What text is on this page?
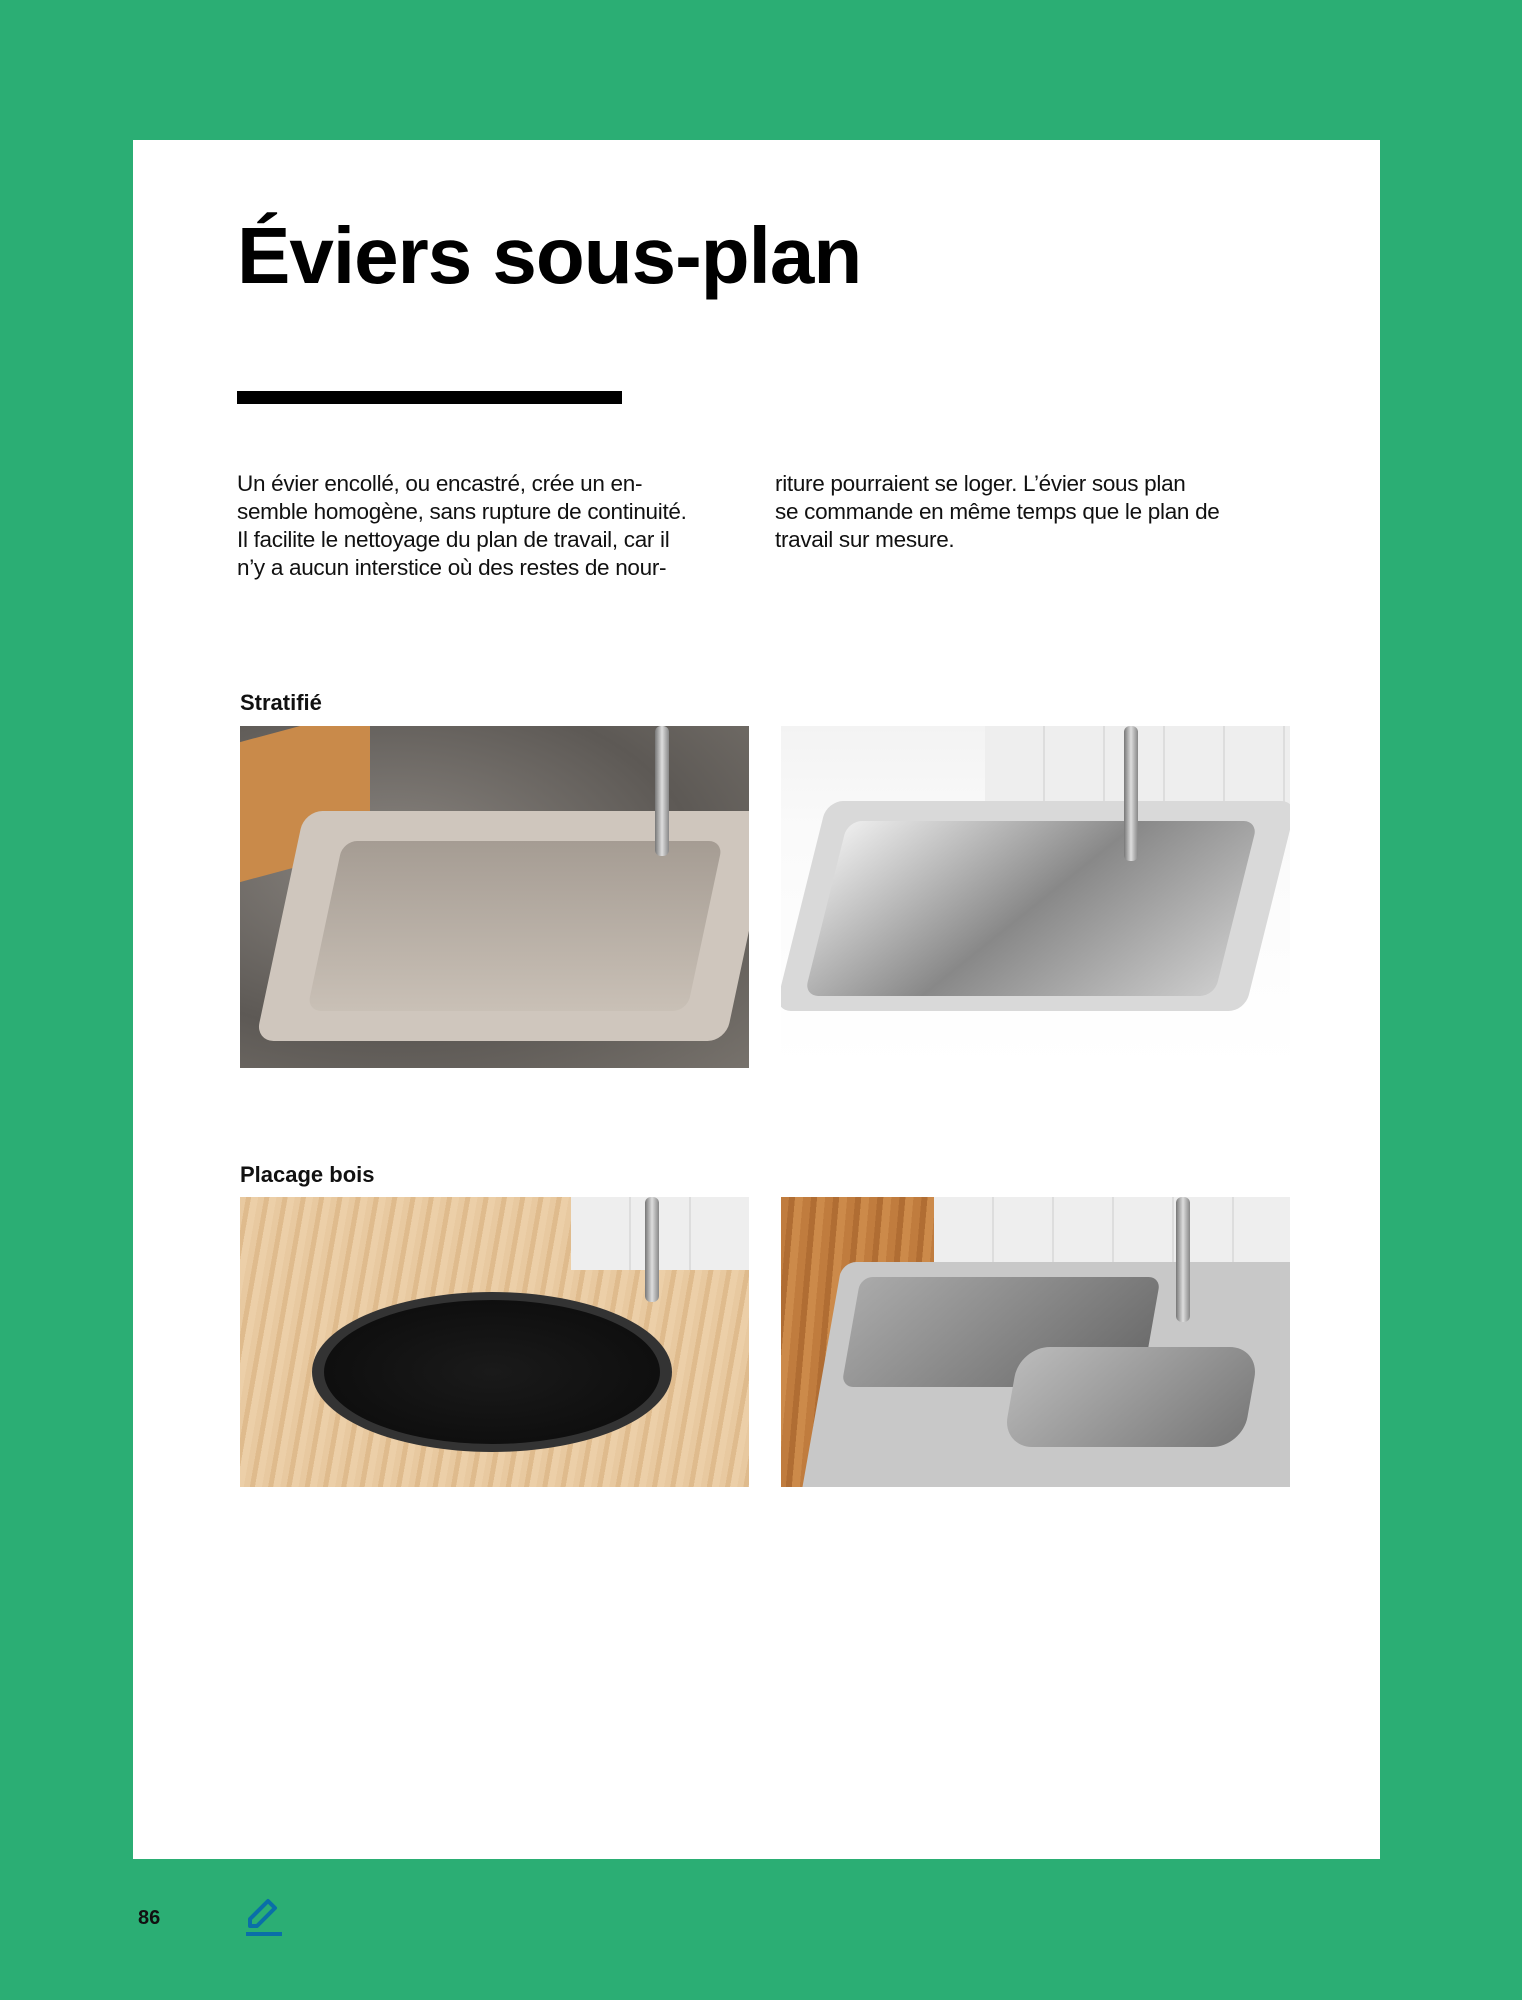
Éviers sous-plan
Un évier encollé, ou encastré, crée un en-
semble homogène, sans rupture de continuité.
Il facilite le nettoyage du plan de travail, car il
n’y a aucun interstice où des restes de nour-
riture pourraient se loger. L’évier sous plan
se commande en même temps que le plan de
travail sur mesure.
Stratifié
Placage bois
86
